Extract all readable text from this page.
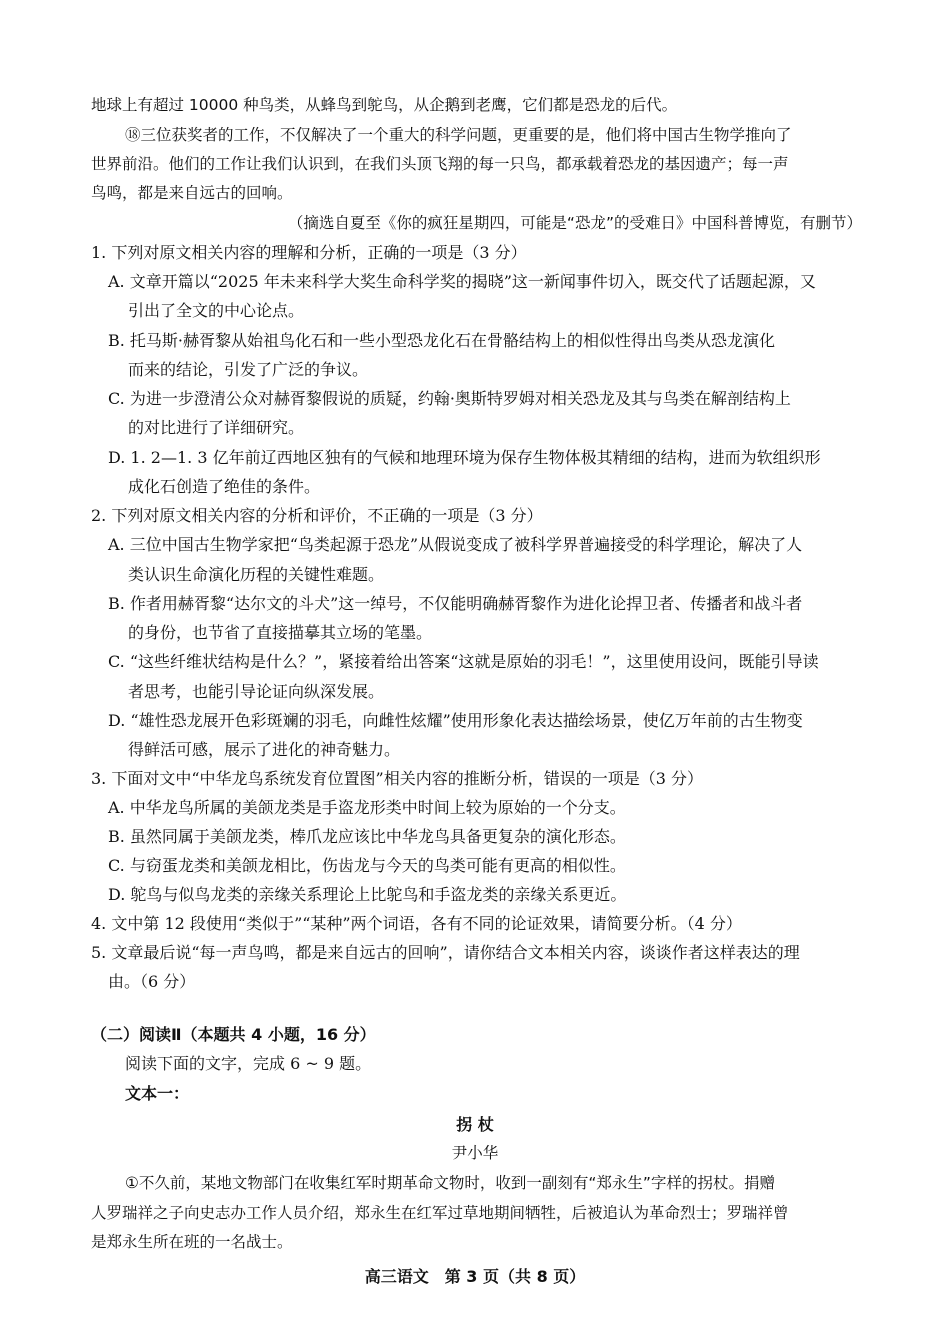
地球上有超过 10000 种鸟类，从蜂鸟到鸵鸟，从企鹅到老鹰，它们都是恐龙的后代。
⑱三位获奖者的工作，不仅解决了一个重大的科学问题，更重要的是，他们将中国古生物学推向了
世界前沿。他们的工作让我们认识到，在我们头顶飞翔的每一只鸟，都承载着恐龙的基因遗产；每一声
鸟鸣，都是来自远古的回响。
（摘选自夏至《你的疯狂星期四，可能是“恐龙”的受难日》中国科普博览，有删节）
1. 下列对原文相关内容的理解和分析，正确的一项是（3 分）
A. 文章开篇以“2025 年未来科学大奖生命科学奖的揭晓”这一新闻事件切入，既交代了话题起源，又
引出了全文的中心论点。
B. 托马斯·赫胥黎从始祖鸟化石和一些小型恐龙化石在骨骼结构上的相似性得出鸟类从恐龙演化
而来的结论，引发了广泛的争议。
C. 为进一步澄清公众对赫胥黎假说的质疑，约翰·奥斯特罗姆对相关恐龙及其与鸟类在解剖结构上
的对比进行了详细研究。
D. 1. 2—1. 3 亿年前辽西地区独有的气候和地理环境为保存生物体极其精细的结构，进而为软组织形
成化石创造了绝佳的条件。
2. 下列对原文相关内容的分析和评价，不正确的一项是（3 分）
A. 三位中国古生物学家把“鸟类起源于恐龙”从假说变成了被科学界普遍接受的科学理论，解决了人
类认识生命演化历程的关键性难题。
B. 作者用赫胥黎“达尔文的斗犬”这一绰号，不仅能明确赫胥黎作为进化论捍卫者、传播者和战斗者
的身份，也节省了直接描摹其立场的笔墨。
C. “这些纤维状结构是什么？”，紧接着给出答案“这就是原始的羽毛！”，这里使用设问，既能引导读
者思考，也能引导论证向纵深发展。
D. “雄性恐龙展开色彩斑斓的羽毛，向雌性炫耀”使用形象化表达描绘场景，使亿万年前的古生物变
得鲜活可感，展示了进化的神奇魅力。
3. 下面对文中“中华龙鸟系统发育位置图”相关内容的推断分析，错误的一项是（3 分）
A. 中华龙鸟所属的美颌龙类是手盗龙形类中时间上较为原始的一个分支。
B. 虽然同属于美颌龙类，棒爪龙应该比中华龙鸟具备更复杂的演化形态。
C. 与窃蛋龙类和美颌龙相比，伤齿龙与今天的鸟类可能有更高的相似性。
D. 鸵鸟与似鸟龙类的亲缘关系理论上比鸵鸟和手盗龙类的亲缘关系更近。
4. 文中第 12 段使用“类似于”“某种”两个词语，各有不同的论证效果，请简要分析。（4 分）
5. 文章最后说“每一声鸟鸣，都是来自远古的回响”，请你结合文本相关内容，谈谈作者这样表达的理
由。（6 分）
（二）阅读Ⅱ（本题共 4 小题，16 分）
阅读下面的文字，完成 6 ~ 9 题。
文本一：
拐 杖
尹小华
①不久前，某地文物部门在收集红军时期革命文物时，收到一副刻有“郑永生”字样的拐杖。捐赠
人罗瑞祥之子向史志办工作人员介绍，郑永生在红军过草地期间牺牲，后被追认为革命烈士；罗瑞祥曾
是郑永生所在班的一名战士。
高三语文　第 3 页（共 8 页）
